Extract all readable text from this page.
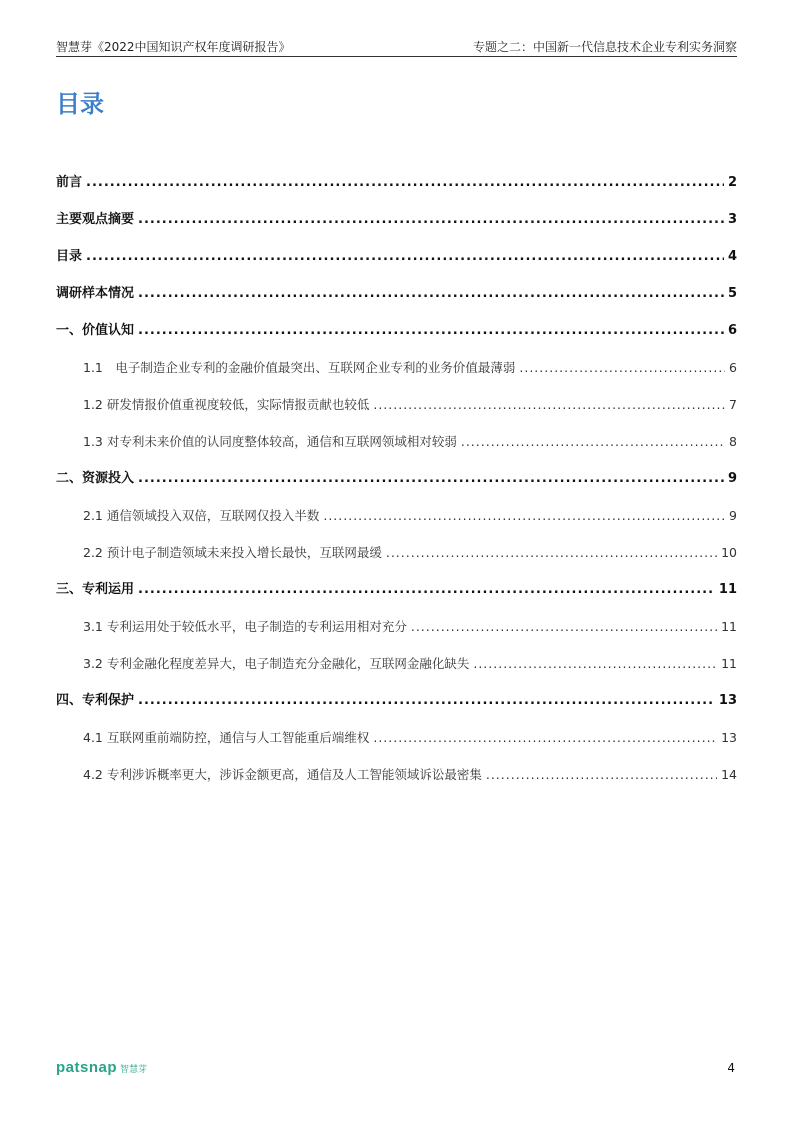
智慧芽《2022中国知识产权年度调研报告》	专题之二：中国新一代信息技术企业专利实务洞察
目录
前言 .....	2
主要观点摘要 .....	3
目录 .....	4
调研样本情况 .....	5
一、价值认知 .....	6
1.1　电子制造企业专利的金融价值最突出、互联网企业专利的业务价值最薄弱 .....	6
1.2 研发情报价值重视度较低，实际情报贡献也较低 .....	7
1.3 对专利未来价值的认同度整体较高，通信和互联网领域相对较弱 .....	8
二、资源投入 .....	9
2.1 通信领域投入双倍，互联网仅投入半数 .....	9
2.2 预计电子制造领域未来投入增长最快，互联网最缓 .....	10
三、专利运用 .....	11
3.1 专利运用处于较低水平，电子制造的专利运用相对充分 .....	11
3.2 专利金融化程度差异大，电子制造充分金融化，互联网金融化缺失 .....	11
四、专利保护 .....	13
4.1 互联网重前端防控，通信与人工智能重后端维权 .....	13
4.2 专利涉诉概率更大，涉诉金额更高，通信及人工智能领域诉讼最密集 .....	14
patsnap 智慧芽	4
